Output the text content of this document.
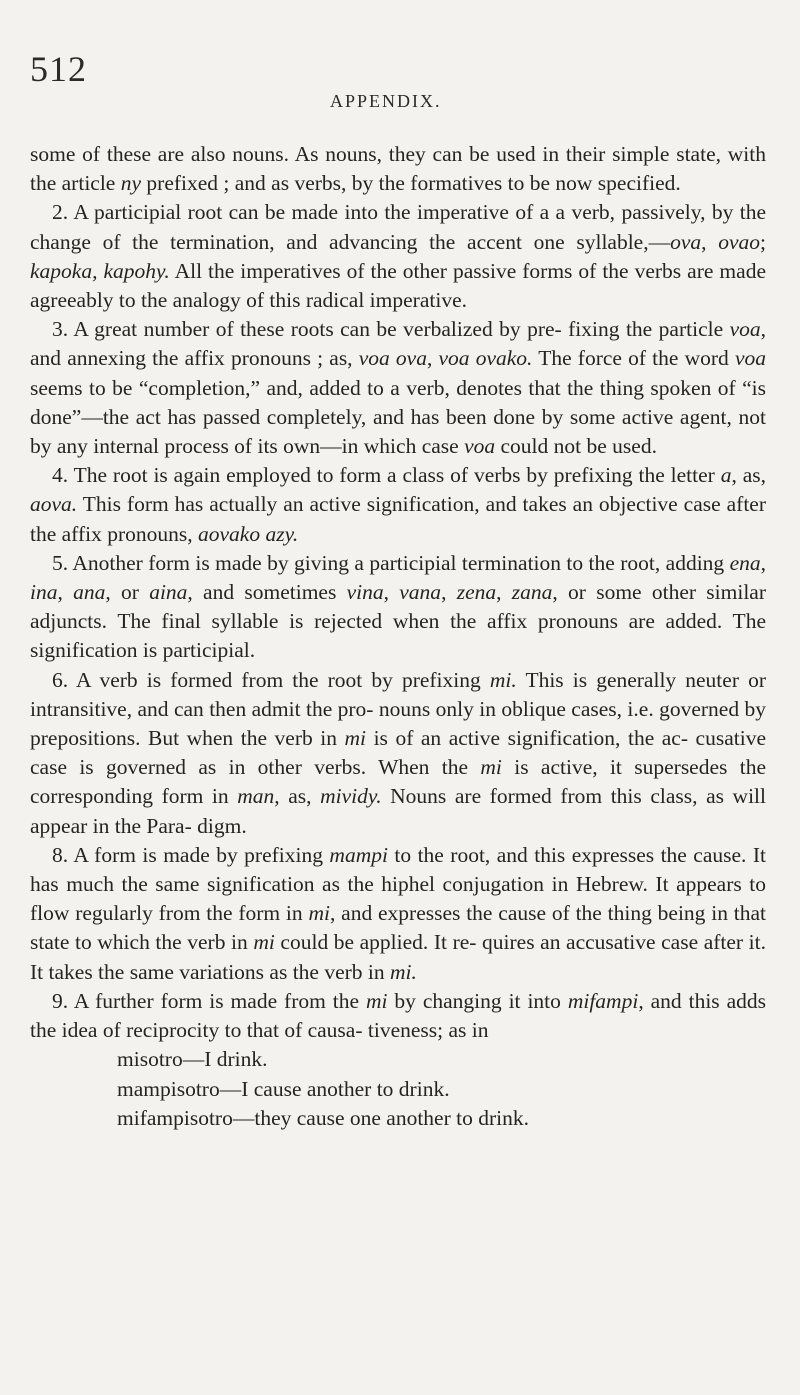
512
APPENDIX.

some of these are also nouns. As nouns, they can be used in their simple state, with the article ny prefixed ; and as verbs, by the formatives to be now specified.

2. A participial root can be made into the imperative of a a verb, passively, by the change of the termination, and advancing the accent one syllable,—ova, ovao; kapoka, kapohy. All the imperatives of the other passive forms of the verbs are made agreeably to the analogy of this radical imperative.

3. A great number of these roots can be verbalized by pre- fixing the particle voa, and annexing the affix pronouns ; as, voa ova, voa ovako. The force of the word voa seems to be “completion,” and, added to a verb, denotes that the thing spoken of “is done”—the act has passed completely, and has been done by some active agent, not by any internal process of its own—in which case voa could not be used.

4. The root is again employed to form a class of verbs by prefixing the letter a, as, aova. This form has actually an active signification, and takes an objective case after the affix pronouns, aovako azy.

5. Another form is made by giving a participial termination to the root, adding ena, ina, ana, or aina, and sometimes vina, vana, zena, zana, or some other similar adjuncts. The final syllable is rejected when the affix pronouns are added. The signification is participial.

6. A verb is formed from the root by prefixing mi. This is generally neuter or intransitive, and can then admit the pro- nouns only in oblique cases, i.e. governed by prepositions. But when the verb in mi is of an active signification, the ac- cusative case is governed as in other verbs. When the mi is active, it supersedes the corresponding form in man, as, mividy. Nouns are formed from this class, as will appear in the Para- digm.

8. A form is made by prefixing mampi to the root, and this expresses the cause. It has much the same signification as the hiphel conjugation in Hebrew. It appears to flow regularly from the form in mi, and expresses the cause of the thing being in that state to which the verb in mi could be applied. It re- quires an accusative case after it. It takes the same variations as the verb in mi.

9. A further form is made from the mi by changing it into mifampi, and this adds the idea of reciprocity to that of causa- tiveness; as in

misotro—I drink.
mampisotro—I cause another to drink.
mifampisotro—they cause one another to drink.
